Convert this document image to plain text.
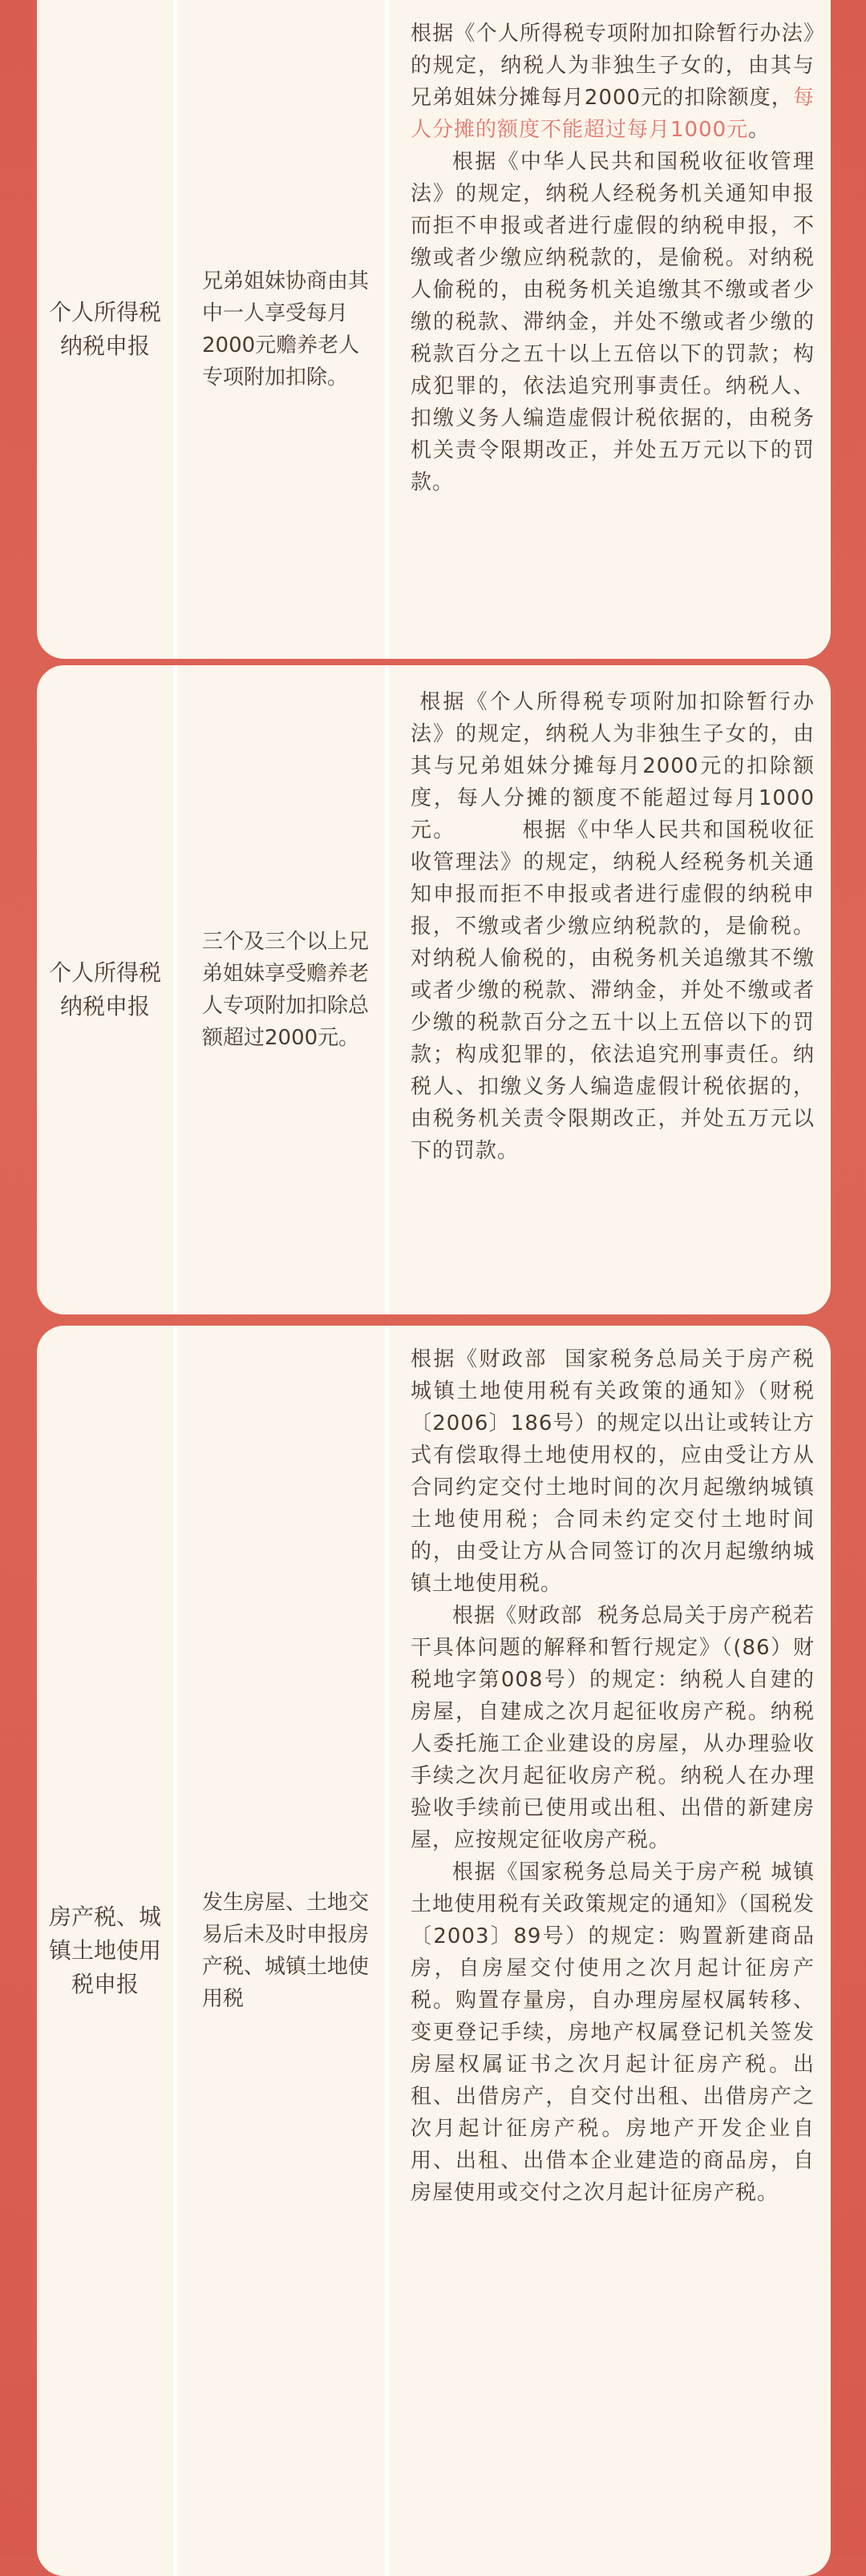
个人所得税纳税申报
兄弟姐妹协商由其中一人享受每月2000元赡养老人专项附加扣除。

根据《个人所得税专项附加扣除暂行办法》的规定，纳税人为非独生子女的，由其与兄弟姐妹分摊每月2000元的扣除额度，每人分摊的额度不能超过每月1000元。

根据《中华人民共和国税收征收管理法》的规定，纳税人经税务机关通知申报而拒不申报或者进行虚假的纳税申报，不缴或者少缴应纳税款的，是偷税。对纳税人偷税的，由税务机关追缴其不缴或者少缴的税款、滞纳金，并处不缴或者少缴的税款百分之五十以上五倍以下的罚款；构成犯罪的，依法追究刑事责任。纳税人、扣缴义务人编造虚假计税依据的，由税务机关责令限期改正，并处五万元以下的罚款。

个人所得税纳税申报
三个及三个以上兄弟姐妹享受赡养老人专项附加扣除总额超过2000元。

根据《个人所得税专项附加扣除暂行办法》的规定，纳税人为非独生子女的，由其与兄弟姐妹分摊每月2000元的扣除额度，每人分摊的额度不能超过每月1000元。        根据《中华人民共和国税收征收管理法》的规定，纳税人经税务机关通知申报而拒不申报或者进行虚假的纳税申报，不缴或者少缴应纳税款的，是偷税。对纳税人偷税的，由税务机关追缴其不缴或者少缴的税款、滞纳金，并处不缴或者少缴的税款百分之五十以上五倍以下的罚款；构成犯罪的，依法追究刑事责任。纳税人、扣缴义务人编造虚假计税依据的，由税务机关责令限期改正，并处五万元以下的罚款。

房产税、城镇土地使用税申报
发生房屋、土地交易后未及时申报房产税、城镇土地使用税

根据《财政部  国家税务总局关于房产税  城镇土地使用税有关政策的通知》（财税〔2006〕186号）的规定以出让或转让方式有偿取得土地使用权的，应由受让方从合同约定交付土地时间的次月起缴纳城镇土地使用税；合同未约定交付土地时间的，由受让方从合同签订的次月起缴纳城镇土地使用税。

根据《财政部  税务总局关于房产税若干具体问题的解释和暂行规定》（(86）财税地字第008号）的规定：纳税人自建的房屋，自建成之次月起征收房产税。纳税人委托施工企业建设的房屋，从办理验收手续之次月起征收房产税。纳税人在办理验收手续前已使用或出租、出借的新建房屋，应按规定征收房产税。

根据《国家税务总局关于房产税 城镇土地使用税有关政策规定的通知》（国税发〔2003〕89号）的规定：购置新建商品房，自房屋交付使用之次月起计征房产税。购置存量房，自办理房屋权属转移、变更登记手续，房地产权属登记机关签发房屋权属证书之次月起计征房产税。出租、出借房产，自交付出租、出借房产之次月起计征房产税。房地产开发企业自用、出租、出借本企业建造的商品房，自房屋使用或交付之次月起计征房产税。
